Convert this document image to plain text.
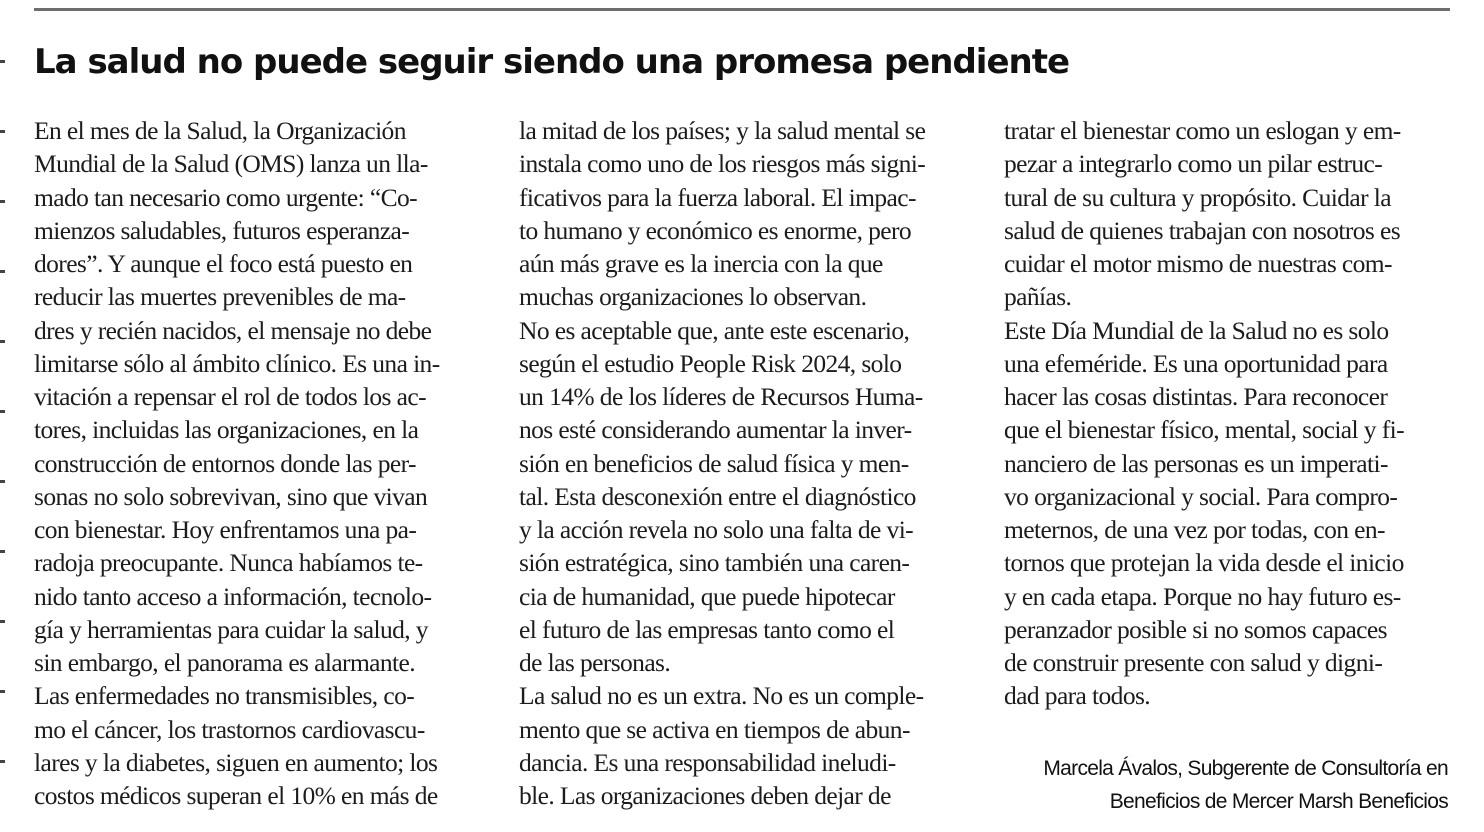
La salud no puede seguir siendo una promesa pendiente
En el mes de la Salud, la Organización
Mundial de la Salud (OMS) lanza un lla-
mado tan necesario como urgente: “Co-
mienzos saludables, futuros esperanza-
dores”. Y aunque el foco está puesto en
reducir las muertes prevenibles de ma-
dres y recién nacidos, el mensaje no debe
limitarse sólo al ámbito clínico. Es una in-
vitación a repensar el rol de todos los ac-
tores, incluidas las organizaciones, en la
construcción de entornos donde las per-
sonas no solo sobrevivan, sino que vivan
con bienestar. Hoy enfrentamos una pa-
radoja preocupante. Nunca habíamos te-
nido tanto acceso a información, tecnolo-
gía y herramientas para cuidar la salud, y
sin embargo, el panorama es alarmante.
Las enfermedades no transmisibles, co-
mo el cáncer, los trastornos cardiovascu-
lares y la diabetes, siguen en aumento; los
costos médicos superan el 10% en más de
la mitad de los países; y la salud mental se
instala como uno de los riesgos más signi-
ficativos para la fuerza laboral. El impac-
to humano y económico es enorme, pero
aún más grave es la inercia con la que
muchas organizaciones lo observan.
No es aceptable que, ante este escenario,
según el estudio People Risk 2024, solo
un 14% de los líderes de Recursos Huma-
nos esté considerando aumentar la inver-
sión en beneficios de salud física y men-
tal. Esta desconexión entre el diagnóstico
y la acción revela no solo una falta de vi-
sión estratégica, sino también una caren-
cia de humanidad, que puede hipotecar
el futuro de las empresas tanto como el
de las personas.
La salud no es un extra. No es un comple-
mento que se activa en tiempos de abun-
dancia. Es una responsabilidad ineludi-
ble. Las organizaciones deben dejar de
tratar el bienestar como un eslogan y em-
pezar a integrarlo como un pilar estruc-
tural de su cultura y propósito. Cuidar la
salud de quienes trabajan con nosotros es
cuidar el motor mismo de nuestras com-
pañías.
Este Día Mundial de la Salud no es solo
una efeméride. Es una oportunidad para
hacer las cosas distintas. Para reconocer
que el bienestar físico, mental, social y fi-
nanciero de las personas es un imperati-
vo organizacional y social. Para compro-
meternos, de una vez por todas, con en-
tornos que protejan la vida desde el inicio
y en cada etapa. Porque no hay futuro es-
peranzador posible si no somos capaces
de construir presente con salud y digni-
dad para todos.
Marcela Ávalos, Subgerente de Consultoría en
Beneficios de Mercer Marsh Beneficios
